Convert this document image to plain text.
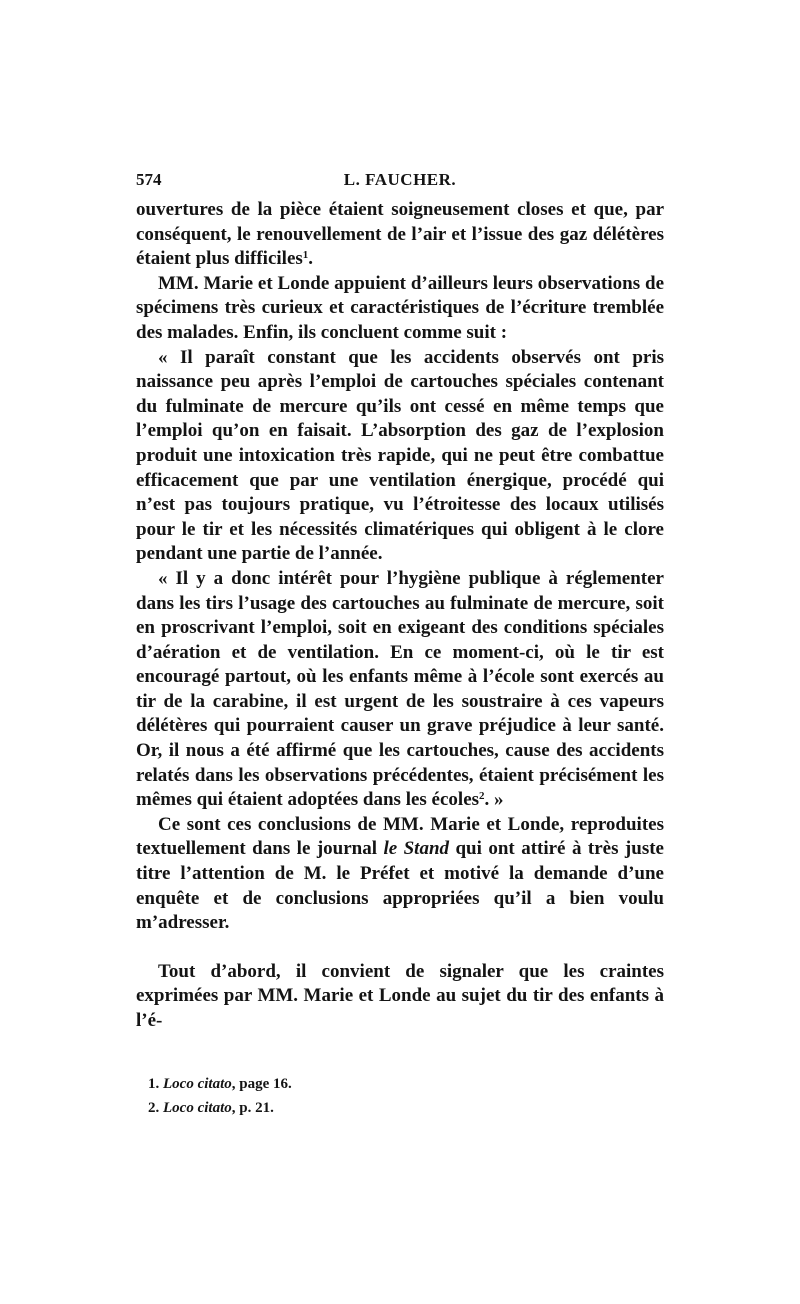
574	L. FAUCHER.

ouvertures de la pièce étaient soigneusement closes et que, par conséquent, le renouvellement de l’air et l’issue des gaz délétères étaient plus difficiles$^1$.

MM. Marie et Londe appuient d’ailleurs leurs observations de spécimens très curieux et caractéristiques de l’écriture tremblée des malades. Enfin, ils concluent comme suit :

« Il paraît constant que les accidents observés ont pris naissance peu après l’emploi de cartouches spéciales contenant du fulminate de mercure qu’ils ont cessé en même temps que l’emploi qu’on en faisait. L’absorption des gaz de l’explosion produit une intoxication très rapide, qui ne peut être combattue efficacement que par une ventilation énergique, procédé qui n’est pas toujours pratique, vu l’étroitesse des locaux utilisés pour le tir et les nécessités climatériques qui obligent à le clore pendant une partie de l’année.

« Il y a donc intérêt pour l’hygiène publique à réglementer dans les tirs l’usage des cartouches au fulminate de mercure, soit en proscrivant l’emploi, soit en exigeant des conditions spéciales d’aération et de ventilation. En ce moment-ci, où le tir est encouragé partout, où les enfants même à l’école sont exercés au tir de la carabine, il est urgent de les soustraire à ces vapeurs délétères qui pourraient causer un grave préjudice à leur santé. Or, il nous a été affirmé que les cartouches, cause des accidents relatés dans les observations précédentes, étaient précisément les mêmes qui étaient adoptées dans les écoles$^2$. »

Ce sont ces conclusions de MM. Marie et Londe, reproduites textuellement dans le journal le Stand qui ont attiré à très juste titre l’attention de M. le Préfet et motivé la demande d’une enquête et de conclusions appropriées qu’il a bien voulu m’adresser.

Tout d’abord, il convient de signaler que les craintes exprimées par MM. Marie et Londe au sujet du tir des enfants à l’é-

1. Loco citato, page 16.
2. Loco citato, p. 21.
